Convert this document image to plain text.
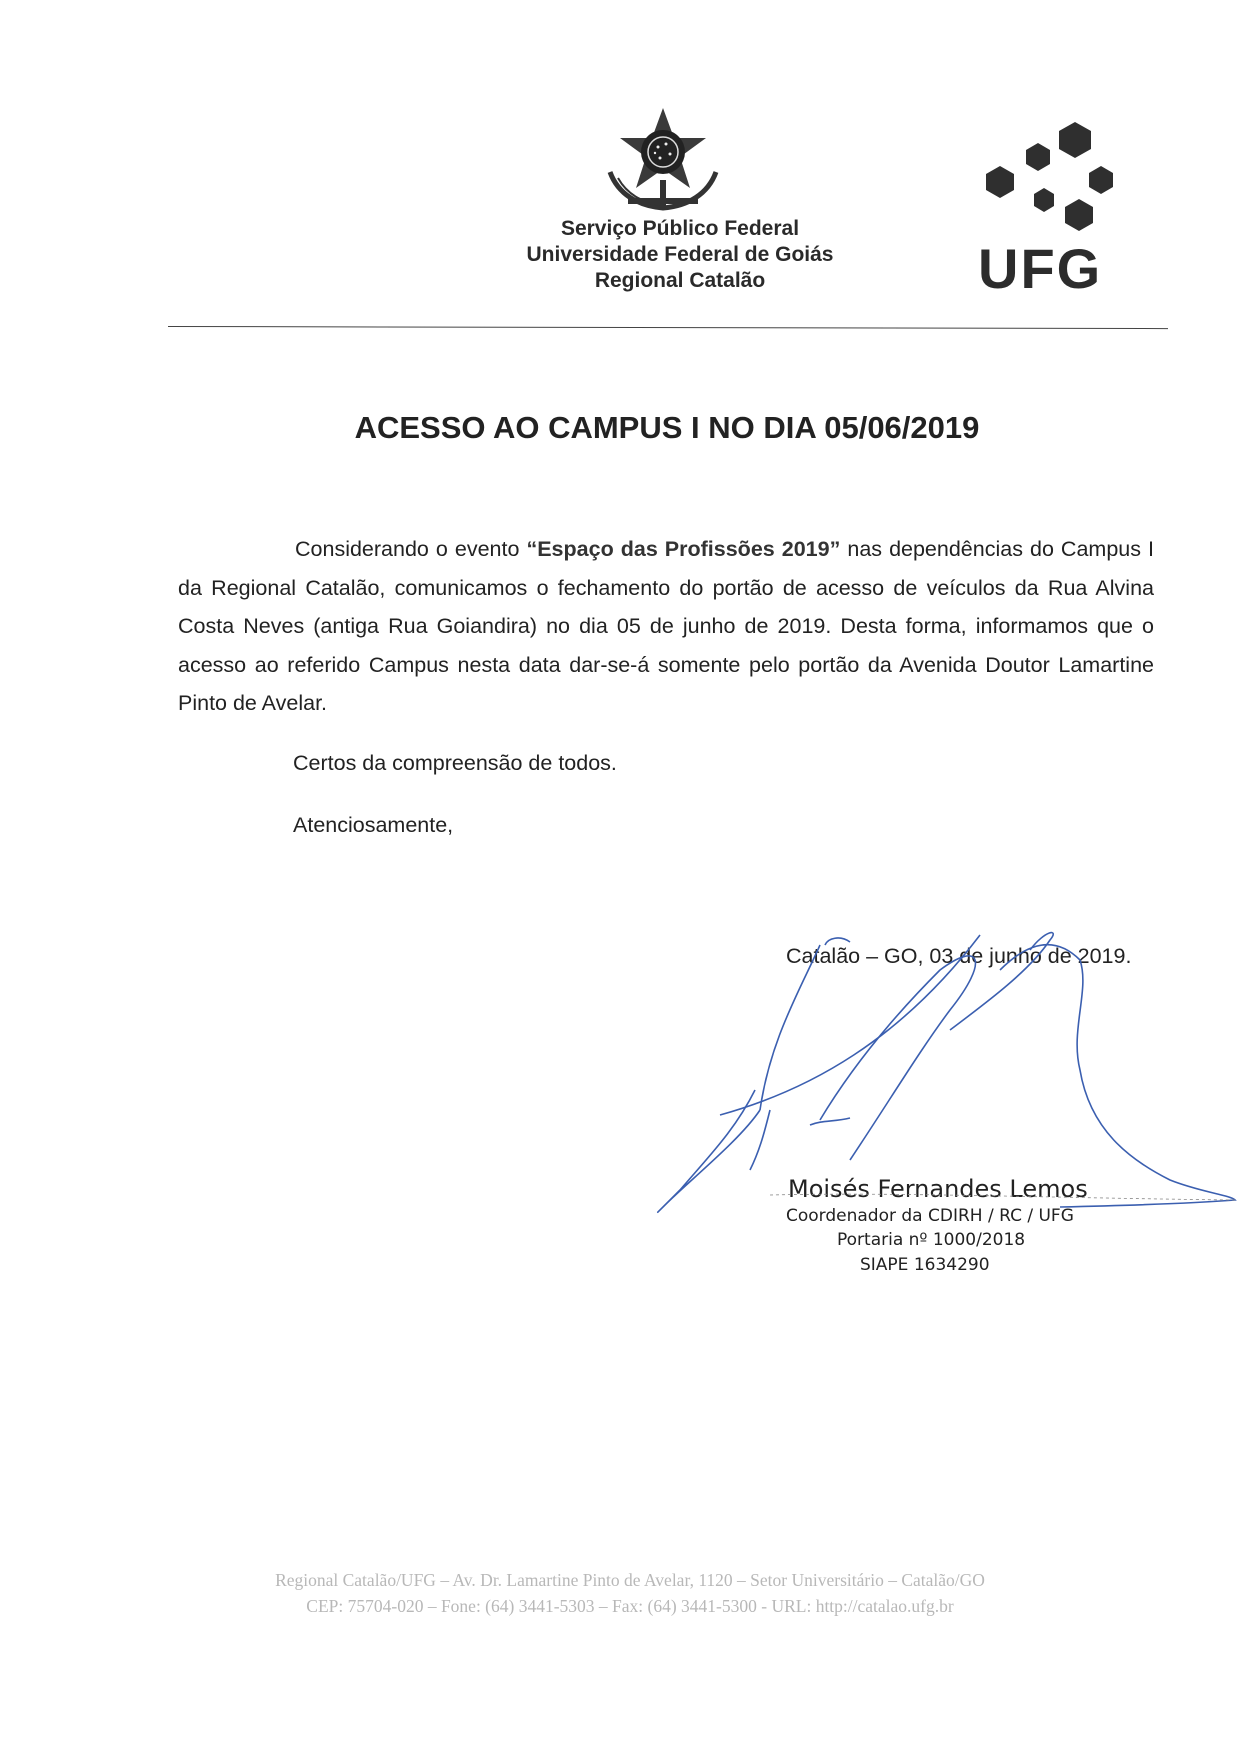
Serviço Público Federal
Universidade Federal de Goiás
Regional Catalão	UFG
ACESSO AO CAMPUS I NO DIA 05/06/2019
Considerando o evento “Espaço das Profissões 2019” nas dependências do Campus I da Regional Catalão, comunicamos o fechamento do portão de acesso de veículos da Rua Alvina Costa Neves (antiga Rua Goiandira) no dia 05 de junho de 2019. Desta forma, informamos que o acesso ao referido Campus nesta data dar-se-á somente pelo portão da Avenida Doutor Lamartine Pinto de Avelar.
Certos da compreensão de todos.
Atenciosamente,
Catalão – GO, 03 de junho de 2019.
Moisés Fernandes Lemos
Coordenador da CDIRH / RC / UFG
Portaria nº 1000/2018
SIAPE 1634290
Regional Catalão/UFG – Av. Dr. Lamartine Pinto de Avelar, 1120 – Setor Universitário – Catalão/GO
CEP: 75704-020 – Fone: (64) 3441-5303 – Fax: (64) 3441-5300 - URL: http://catalao.ufg.br
